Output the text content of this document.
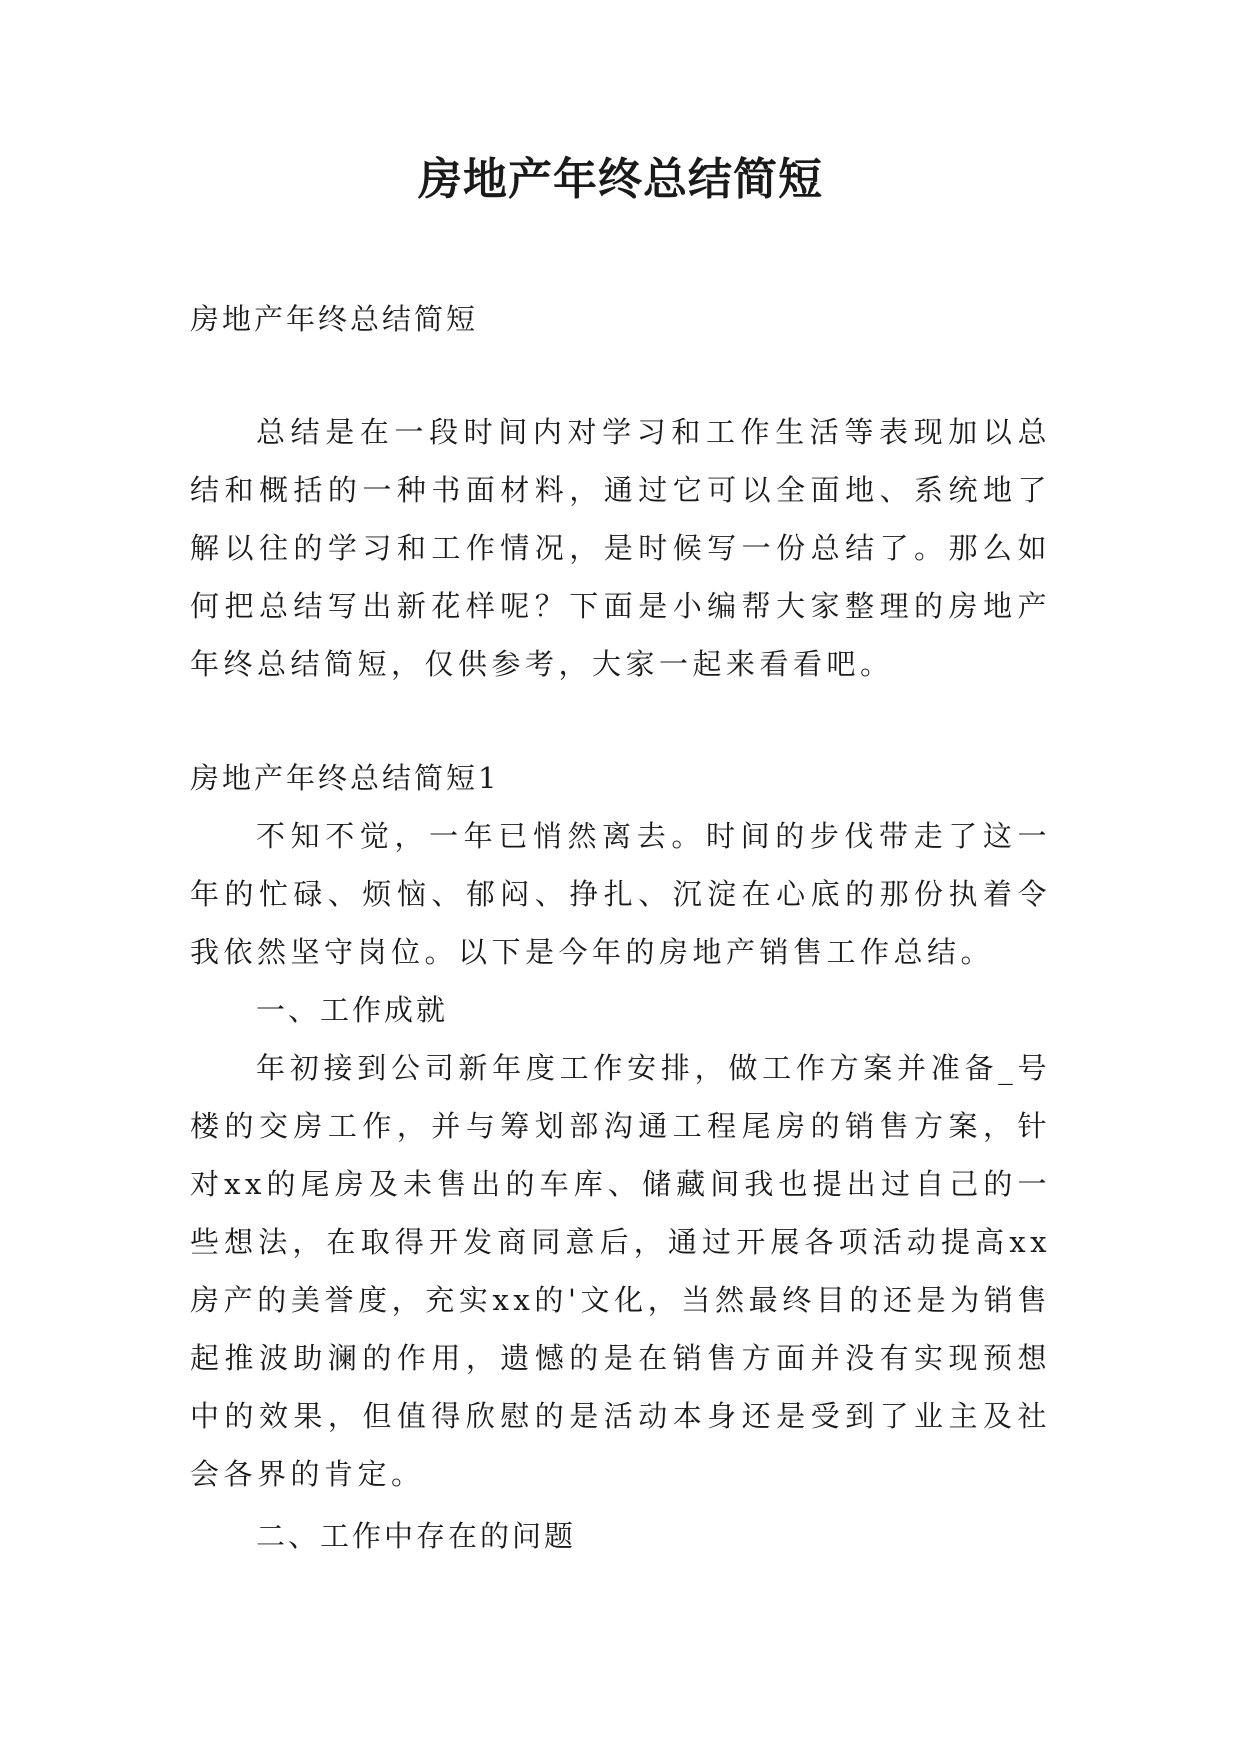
房地产年终总结简短

房地产年终总结简短

总结是在一段时间内对学习和工作生活等表现加以总结和概括的一种书面材料，通过它可以全面地、系统地了解以往的学习和工作情况，是时候写一份总结了。那么如何把总结写出新花样呢？下面是小编帮大家整理的房地产年终总结简短，仅供参考，大家一起来看看吧。

房地产年终总结简短1

不知不觉，一年已悄然离去。时间的步伐带走了这一年的忙碌、烦恼、郁闷、挣扎、沉淀在心底的那份执着令我依然坚守岗位。以下是今年的房地产销售工作总结。

一、工作成就

年初接到公司新年度工作安排，做工作方案并准备_号楼的交房工作，并与筹划部沟通工程尾房的销售方案，针对xx的尾房及未售出的车库、储藏间我也提出过自己的一些想法，在取得开发商同意后，通过开展各项活动提高xx房产的美誉度，充实xx的'文化，当然最终目的还是为销售起推波助澜的作用，遗憾的是在销售方面并没有实现预想中的效果，但值得欣慰的是活动本身还是受到了业主及社会各界的肯定。

二、工作中存在的问题
